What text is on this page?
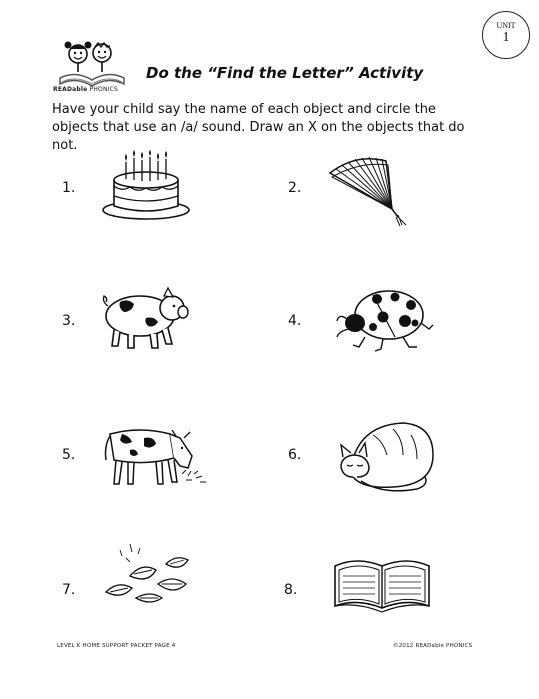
READable PHONICS
UNIT
1
Do the “Find the Letter” Activity
Have your child say the name of each object and circle the objects that use an /a/ sound. Draw an X on the objects that do not.
1.	2.
3.	4.
5.	6.
7.	8.
LEVEL K HOME SUPPORT PACKET PAGE 4	©2012 READable PHONICS
